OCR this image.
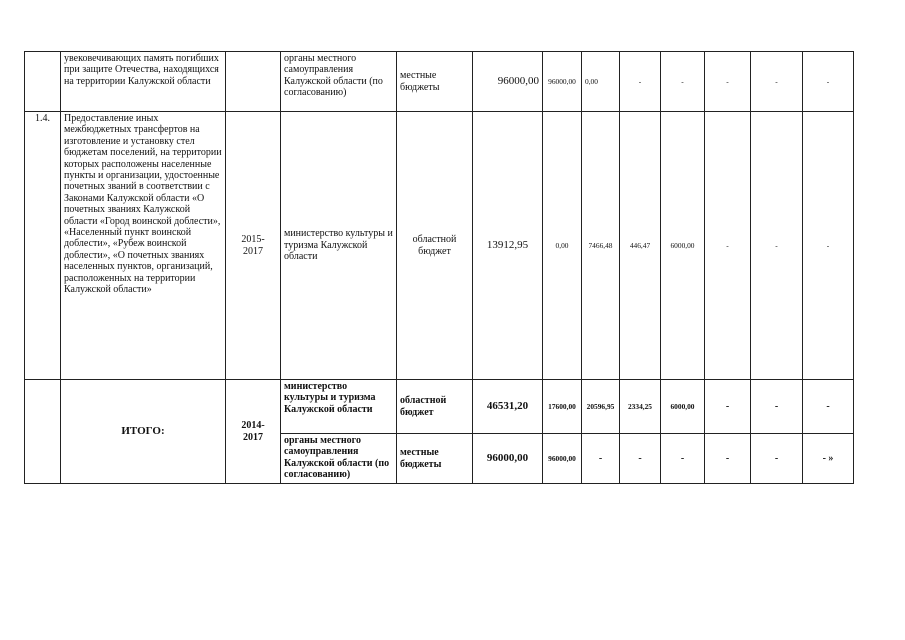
	увековечивающих память погибших при защите Отечества, находящихся на территории Калужской области		органы местного самоуправления Калужской области (по согласованию)	местные бюджеты	96000,00	96000,00	0,00	-	-	-	-	-
1.4.	Предоставление иных межбюджетных трансфертов на изготовление и установку стел бюджетам поселений, на территории которых расположены населенные пункты и организации, удостоенные почетных званий в соответствии с Законами Калужской области «О почетных званиях Калужской области «Город воинской доблести», «Населенный пункт воинской доблести», «Рубеж воинской доблести», «О почетных званиях населенных пунктов, организаций, расположенных на территории Калужской области»	2015-
2017	министерство культуры и туризма Калужской области	областной бюджет	13912,95	0,00	7466,48	446,47	6000,00	-	-	-
	ИТОГО:	2014-
2017	министерство культуры и туризма Калужской области	областной бюджет	46531,20	17600,00	20596,95	2334,25	6000,00	-	-	-
			органы местного самоуправления Калужской области (по согласованию)	местные бюджеты	96000,00	96000,00	-	-	-	-	-	- »
